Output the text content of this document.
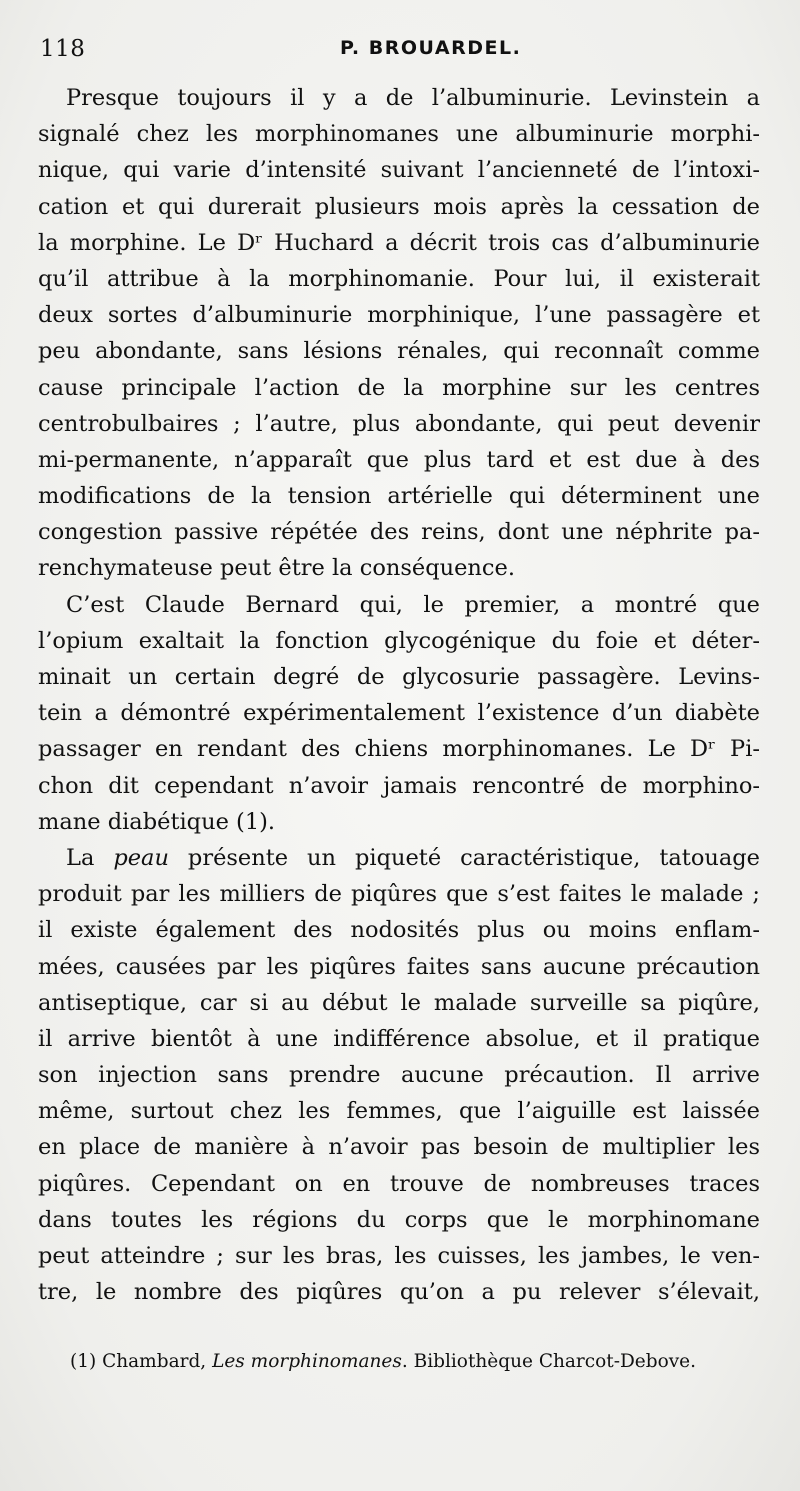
118	P. BROUARDEL.
Presque toujours il y a de l’albuminurie. Levinstein a
signalé chez les morphinomanes une albuminurie morphi-
nique, qui varie d’intensité suivant l’ancienneté de l’intoxi-
cation et qui durerait plusieurs mois après la cessation de
la morphine. Le Dʳ Huchard a décrit trois cas d’albuminurie
qu’il attribue à la morphinomanie. Pour lui, il existerait
deux sortes d’albuminurie morphinique, l’une passagère et
peu abondante, sans lésions rénales, qui reconnaît comme
cause principale l’action de la morphine sur les centres
centrobulbaires ; l’autre, plus abondante, qui peut devenir
mi-permanente, n’apparaît que plus tard et est due à des
modifications de la tension artérielle qui déterminent une
congestion passive répétée des reins, dont une néphrite pa-
renchymateuse peut être la conséquence.
C’est Claude Bernard qui, le premier, a montré que
l’opium exaltait la fonction glycogénique du foie et déter-
minait un certain degré de glycosurie passagère. Levins-
tein a démontré expérimentalement l’existence d’un diabète
passager en rendant des chiens morphinomanes. Le Dʳ Pi-
chon dit cependant n’avoir jamais rencontré de morphino-
mane diabétique (1).
La peau présente un piqueté caractéristique, tatouage
produit par les milliers de piqûres que s’est faites le malade ;
il existe également des nodosités plus ou moins enflam-
mées, causées par les piqûres faites sans aucune précaution
antiseptique, car si au début le malade surveille sa piqûre,
il arrive bientôt à une indifférence absolue, et il pratique
son injection sans prendre aucune précaution. Il arrive
même, surtout chez les femmes, que l’aiguille est laissée
en place de manière à n’avoir pas besoin de multiplier les
piqûres. Cependant on en trouve de nombreuses traces
dans toutes les régions du corps que le morphinomane
peut atteindre ; sur les bras, les cuisses, les jambes, le ven-
tre, le nombre des piqûres qu’on a pu relever s’élevait,
(1) Chambard, Les morphinomanes. Bibliothèque Charcot-Debove.
